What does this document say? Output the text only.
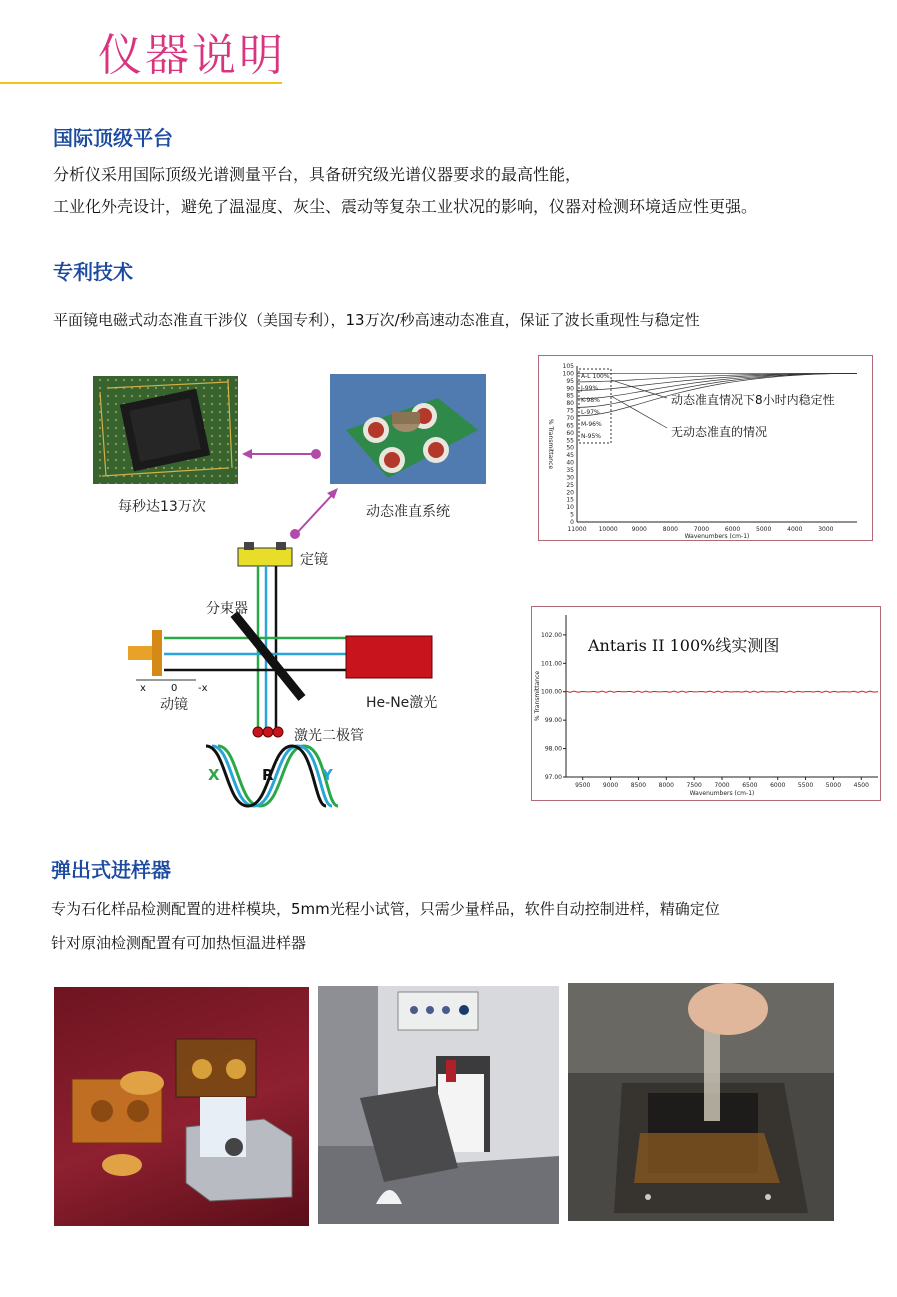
仪器说明
国际顶级平台
分析仪采用国际顶级光谱测量平台，具备研究级光谱仪器要求的最高性能，
工业化外壳设计，避免了温湿度、灰尘、震动等复杂工业状况的影响，仪器对检测环境适应性更强。
专利技术
平面镜电磁式动态准直干涉仪（美国专利），13万次/秒高速动态准直，保证了波长重现性与稳定性
每秒达13万次	动态准直系统
定镜
分束器
动镜	He-Ne激光
激光二极管
x	0 -x
X	R	Y
105
100
95
90
85
80
75
70
65
60
55
50
45
40
35
30
25
20
15
10
5
0
11000 10000 9000	8000	7000	6000	5000	4000	3000
Wavenumbers (cm-1)
% Transmittance
A-L 100%
J-99%
K-98%
L-97%
M-96%
N-95%
动态准直情况下8小时内稳定性
无动态准直的情况
102.00
101.00
100.00
99.00
98.00
97.00
9500 9000 8500 8000 7500 7000 6500 6000 5500 5000 4500
Wavenumbers (cm-1)
% Transmittance
Antaris II 100%线实测图
弹出式进样器
专为石化样品检测配置的进样模块，5mm光程小试管，只需少量样品，软件自动控制进样，精确定位
针对原油检测配置有可加热恒温进样器
